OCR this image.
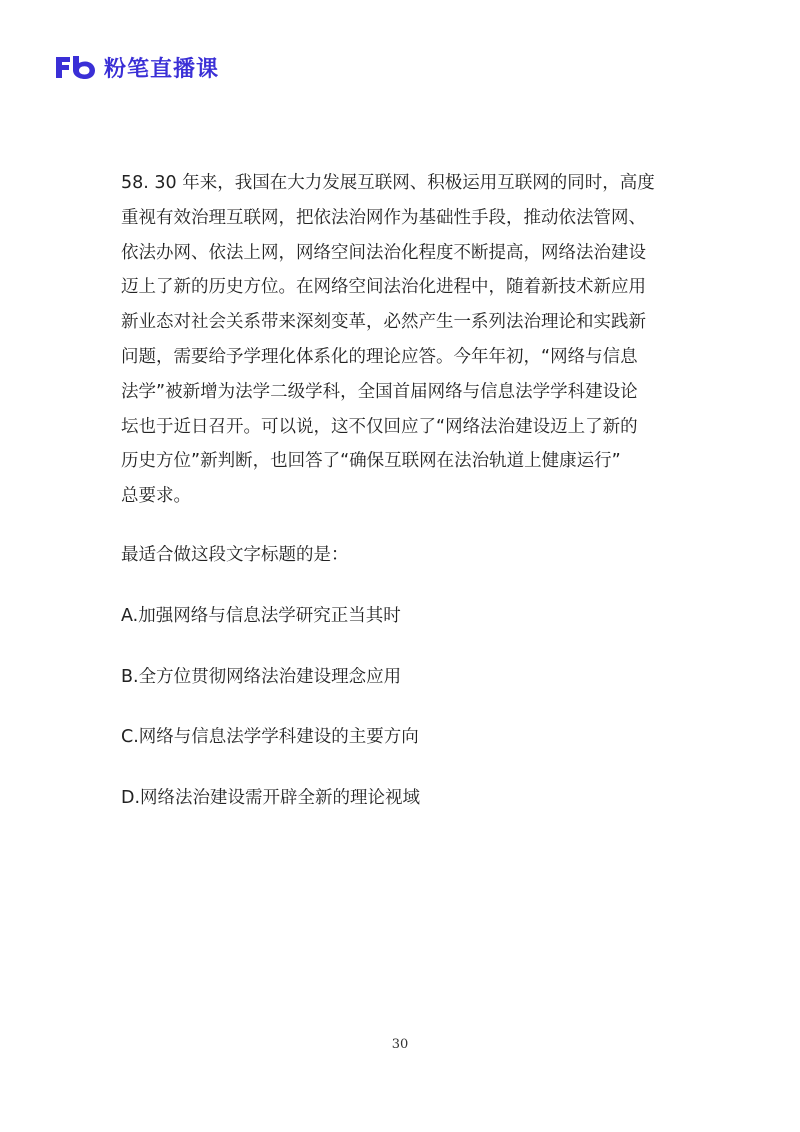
粉笔直播课
58. 30 年来，我国在大力发展互联网、积极运用互联网的同时，高度
重视有效治理互联网，把依法治网作为基础性手段，推动依法管网、
依法办网、依法上网，网络空间法治化程度不断提高，网络法治建设
迈上了新的历史方位。在网络空间法治化进程中，随着新技术新应用
新业态对社会关系带来深刻变革，必然产生一系列法治理论和实践新
问题，需要给予学理化体系化的理论应答。今年年初，“网络与信息
法学”被新增为法学二级学科，全国首届网络与信息法学学科建设论
坛也于近日召开。可以说，这不仅回应了“网络法治建设迈上了新的
历史方位”新判断，也回答了“确保互联网在法治轨道上健康运行”
总要求。
最适合做这段文字标题的是：
A.加强网络与信息法学研究正当其时
B.全方位贯彻网络法治建设理念应用
C.网络与信息法学学科建设的主要方向
D.网络法治建设需开辟全新的理论视域
30
